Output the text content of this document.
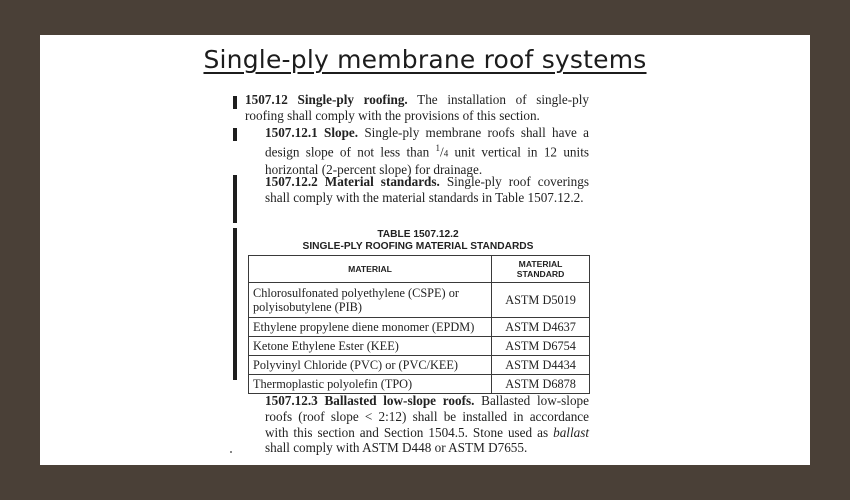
Single-ply membrane roof systems
1507.12 Single-ply roofing. The installation of single-ply roofing shall comply with the provisions of this section.
1507.12.1 Slope. Single-ply membrane roofs shall have a design slope of not less than $^1$/4 unit vertical in 12 units horizontal (2-percent slope) for drainage.
1507.12.2 Material standards. Single-ply roof coverings shall comply with the material standards in Table 1507.12.2.
TABLE 1507.12.2
SINGLE-PLY ROOFING MATERIAL STANDARDS
MATERIAL	MATERIAL
STANDARD

Chlorosulfonated polyethylene (CSPE) or
polyisobutylene (PIB)	ASTM D5019
Ethylene propylene diene monomer (EPDM)	ASTM D4637
Ketone Ethylene Ester (KEE)	ASTM D6754
Polyvinyl Chloride (PVC) or (PVC/KEE)	ASTM D4434
Thermoplastic polyolefin (TPO)	ASTM D6878
1507.12.3 Ballasted low-slope roofs. Ballasted low-slope roofs (roof slope < 2:12) shall be installed in accordance with this section and Section 1504.5. Stone used as ballast shall comply with ASTM D448 or ASTM D7655.
